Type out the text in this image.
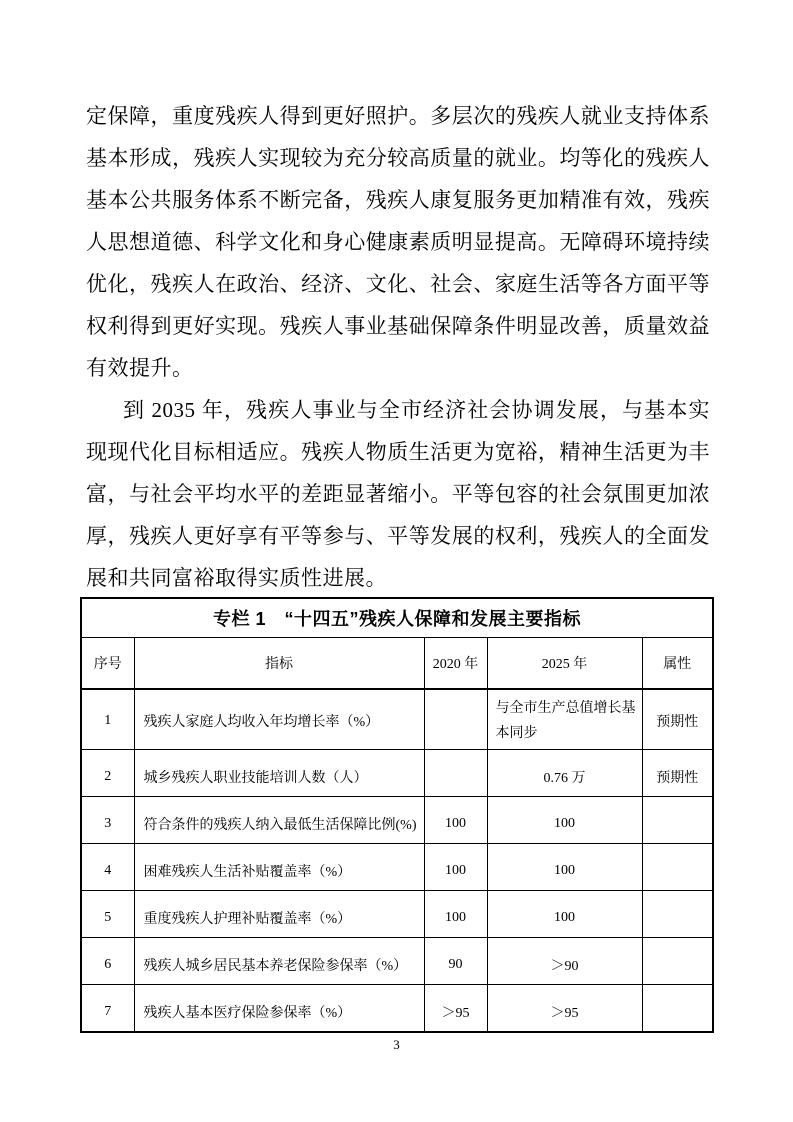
定保障，重度残疾人得到更好照护。多层次的残疾人就业支持体系基本形成，残疾人实现较为充分较高质量的就业。均等化的残疾人基本公共服务体系不断完备，残疾人康复服务更加精准有效，残疾人思想道德、科学文化和身心健康素质明显提高。无障碍环境持续优化，残疾人在政治、经济、文化、社会、家庭生活等各方面平等权利得到更好实现。残疾人事业基础保障条件明显改善，质量效益有效提升。

到 2035 年，残疾人事业与全市经济社会协调发展，与基本实现现代化目标相适应。残疾人物质生活更为宽裕，精神生活更为丰富，与社会平均水平的差距显著缩小。平等包容的社会氛围更加浓厚，残疾人更好享有平等参与、平等发展的权利，残疾人的全面发展和共同富裕取得实质性进展。

专栏 1　“十四五”残疾人保障和发展主要指标				
序号	指标	2020 年	2025 年	属性
1	残疾人家庭人均收入年均增长率（%）		与全市生产总值增长基本同步	预期性
2	城乡残疾人职业技能培训人数（人）		0.76 万	预期性
3	符合条件的残疾人纳入最低生活保障比例(%)	100	100	
4	困难残疾人生活补贴覆盖率（%）	100	100	
5	重度残疾人护理补贴覆盖率（%）	100	100	
6	残疾人城乡居民基本养老保险参保率（%）	90	＞90	
7	残疾人基本医疗保险参保率（%）	＞95	＞95	
3
